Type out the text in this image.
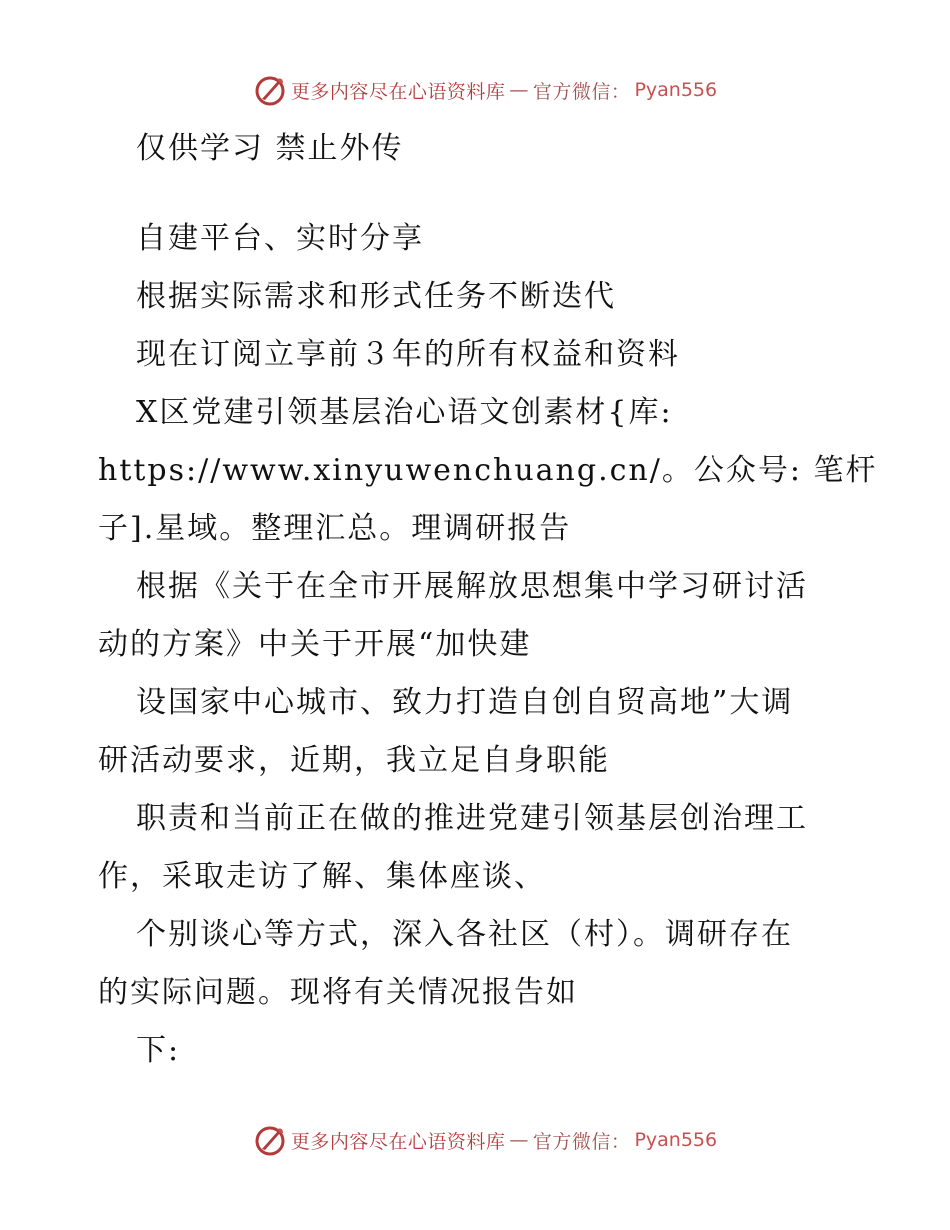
更多内容尽在心语资料库 — 官方微信： Pyan556
仅供学习 禁止外传
自建平台、实时分享
根据实际需求和形式任务不断迭代
现在订阅立享前３年的所有权益和资料
X区党建引领基层治心语文创素材{库:
https://www.xinyuwenchuang.cn/。公众号: 笔杆
子].星域。整理汇总。理调研报告
根据《关于在全市开展解放思想集中学习研讨活
动的方案》中关于开展“加快建
设国家中心城市、致力打造自创自贸高地”大调
研活动要求，近期，我立足自身职能
职责和当前正在做的推进党建引领基层创治理工
作，采取走访了解、集体座谈、
个别谈心等方式，深入各社区（村）。调研存在
的实际问题。现将有关情况报告如
下:
更多内容尽在心语资料库 — 官方微信： Pyan556
